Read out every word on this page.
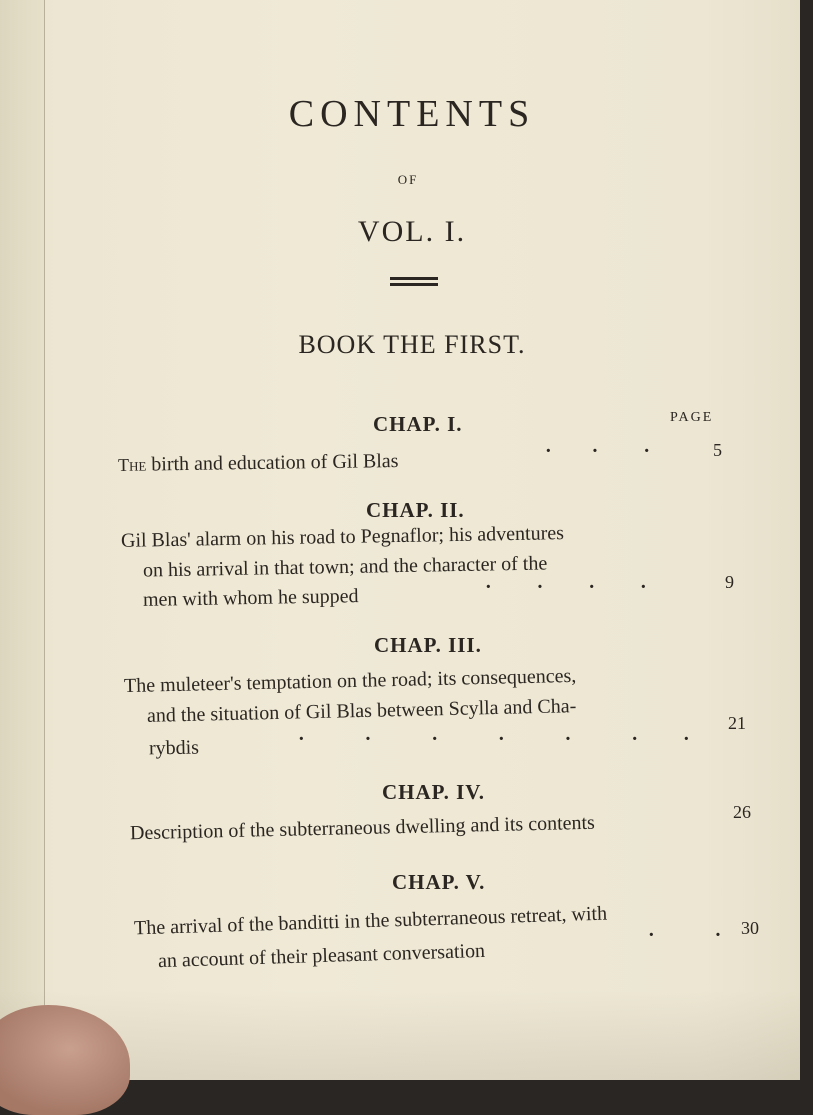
CONTENTS
OF
VOL. I.
BOOK THE FIRST.
PAGE
CHAP. I.
The birth and education of Gil Blas	·        ·         ·	5
CHAP. II.
Gil Blas' alarm on his road to Pegnaflor; his adventures
on his arrival in that town; and the character of the
men with whom he supped	·         ·         ·         ·	9
CHAP. III.
The muleteer's temptation on the road; its consequences,
and the situation of Gil Blas between Scylla and Cha-
rybdis	·            ·            ·            ·            ·            ·         ·
21
CHAP. IV.
Description of the subterraneous dwelling and its contents	26
CHAP. V.
The arrival of the banditti in the subterraneous retreat, with
an account of their pleasant conversation
·            · 30
